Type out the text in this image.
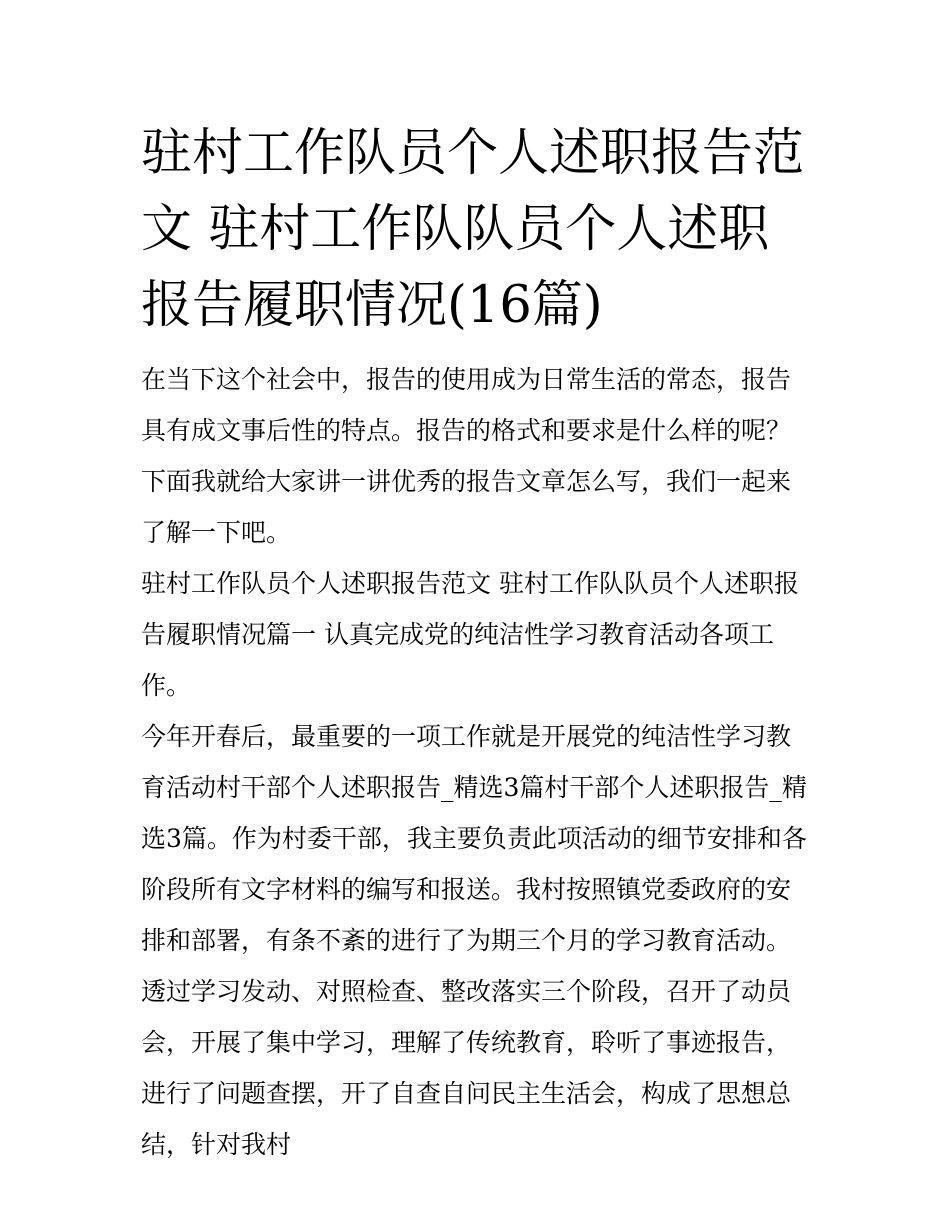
驻村工作队员个人述职报告范文 驻村工作队队员个人述职报告履职情况(16篇)

在当下这个社会中，报告的使用成为日常生活的常态，报告具有成文事后性的特点。报告的格式和要求是什么样的呢？下面我就给大家讲一讲优秀的报告文章怎么写，我们一起来了解一下吧。

驻村工作队员个人述职报告范文 驻村工作队队员个人述职报告履职情况篇一 认真完成党的纯洁性学习教育活动各项工作。

今年开春后，最重要的一项工作就是开展党的纯洁性学习教育活动村干部个人述职报告_精选3篇村干部个人述职报告_精选3篇。作为村委干部，我主要负责此项活动的细节安排和各阶段所有文字材料的编写和报送。我村按照镇党委政府的安排和部署，有条不紊的进行了为期三个月的学习教育活动。透过学习发动、对照检查、整改落实三个阶段，召开了动员会，开展了集中学习，理解了传统教育，聆听了事迹报告，进行了问题查摆，开了自查自问民主生活会，构成了思想总结，针对我村
